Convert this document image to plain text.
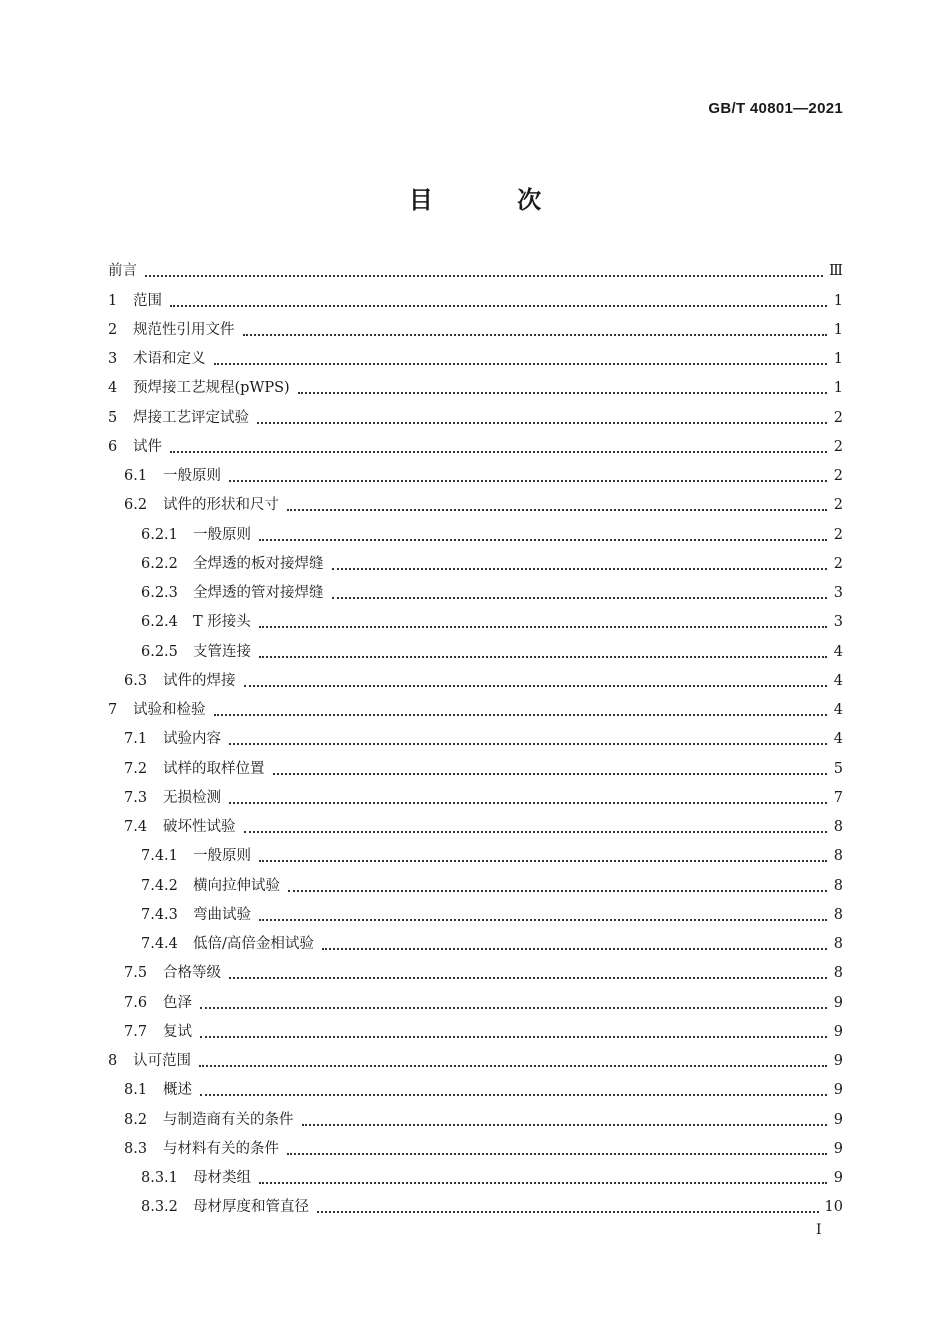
GB/T 40801—2021
目 次
前言	Ⅲ
1	范围	1
2	规范性引用文件	1
3	术语和定义	1
4	预焊接工艺规程(pWPS)	1
5	焊接工艺评定试验	2
6	试件	2
6.1	一般原则	2
6.2	试件的形状和尺寸	2
6.2.1	一般原则	2
6.2.2	全焊透的板对接焊缝	2
6.2.3	全焊透的管对接焊缝	3
6.2.4	T 形接头	3
6.2.5	支管连接	4
6.3	试件的焊接	4
7	试验和检验	4
7.1	试验内容	4
7.2	试样的取样位置	5
7.3	无损检测	7
7.4	破坏性试验	8
7.4.1	一般原则	8
7.4.2	横向拉伸试验	8
7.4.3	弯曲试验	8
7.4.4	低倍/高倍金相试验	8
7.5	合格等级	8
7.6	色泽	9
7.7	复试	9
8	认可范围	9
8.1	概述	9
8.2	与制造商有关的条件	9
8.3	与材料有关的条件	9
8.3.1	母材类组	9
8.3.2	母材厚度和管直径	10
I
